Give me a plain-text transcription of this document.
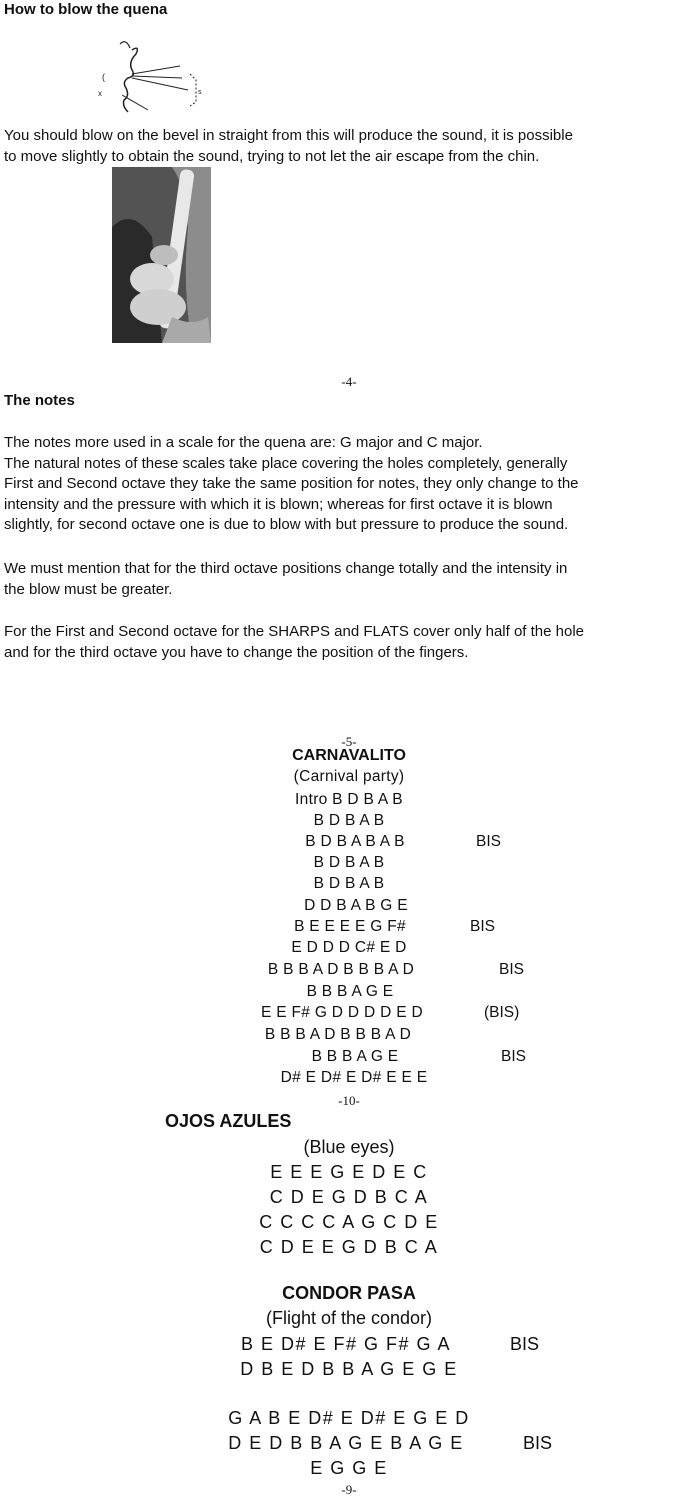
How to blow the quena
(
x	s
You should blow on the bevel in straight from this will produce the sound, it is possible
to move slightly to obtain the sound, trying to not let the air escape from the chin.
-4-
The notes
The notes more used in a scale for the quena are: G major and C major.
The natural notes of these scales take place covering the holes completely, generally
First and Second octave they take the same position for notes, they only change to the
intensity and the pressure with which it is blown; whereas for first octave it is blown
slightly, for second octave one is due to blow with but pressure to produce the sound.
We must mention that for the third octave positions change totally and the intensity in
the blow must be greater.
For the First and Second octave for the SHARPS and FLATS cover only half of the hole
and for the third octave you have to change the position of the fingers.
-5-
CARNAVALITO
(Carnival party)
Intro B D B A B
B D B A B
B D B A B A B
B D B A B
B D B A B
D D B A B G E
B E E E E G F#
E D D D C# E D
B B B A D B B B A D
B B B A G E
E E F# G D D D D E D
B B B A D B B B A D
B B B A G E
D# E D# E D# E E E
BIS
BIS
BIS
(BIS)
BIS
-10-
OJOS AZULES
(Blue eyes)
E E E G E D E C
C D E G D B C A
C C C C A G C D E
C D E E G D B C A
CONDOR PASA
(Flight of the condor)
B E D# E F# G F# G A
D B E D B B A G E G E
G A B E D# E D# E G E D
D E D B B A G E B A G E
E G G E
BIS
BIS
-9-
